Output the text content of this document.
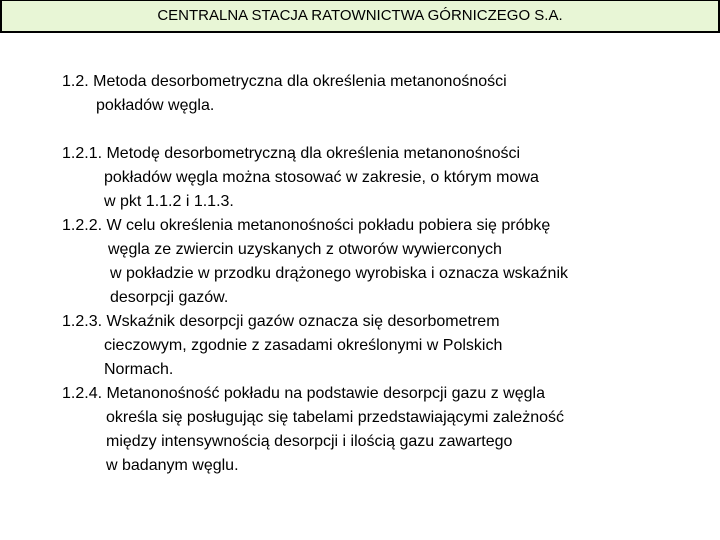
CENTRALNA STACJA RATOWNICTWA GÓRNICZEGO S.A.
1.2. Metoda desorbometryczna dla określenia metanonośności
pokładów węgla.
1.2.1. Metodę desorbometryczną dla określenia metanonośności
pokładów węgla można stosować w zakresie, o którym mowa
w pkt 1.1.2 i 1.1.3.
1.2.2. W celu określenia metanonośności pokładu pobiera się próbkę
węgla ze zwiercin uzyskanych z otworów wywierconych
w pokładzie w przodku drążonego wyrobiska i oznacza wskaźnik
desorpcji gazów.
1.2.3. Wskaźnik desorpcji gazów oznacza się desorbometrem
cieczowym, zgodnie z zasadami określonymi w Polskich
Normach.
1.2.4. Metanonośność pokładu na podstawie desorpcji gazu z węgla
określa się posługując się tabelami przedstawiającymi zależność
między intensywnością desorpcji i ilością gazu zawartego
w badanym węglu.
